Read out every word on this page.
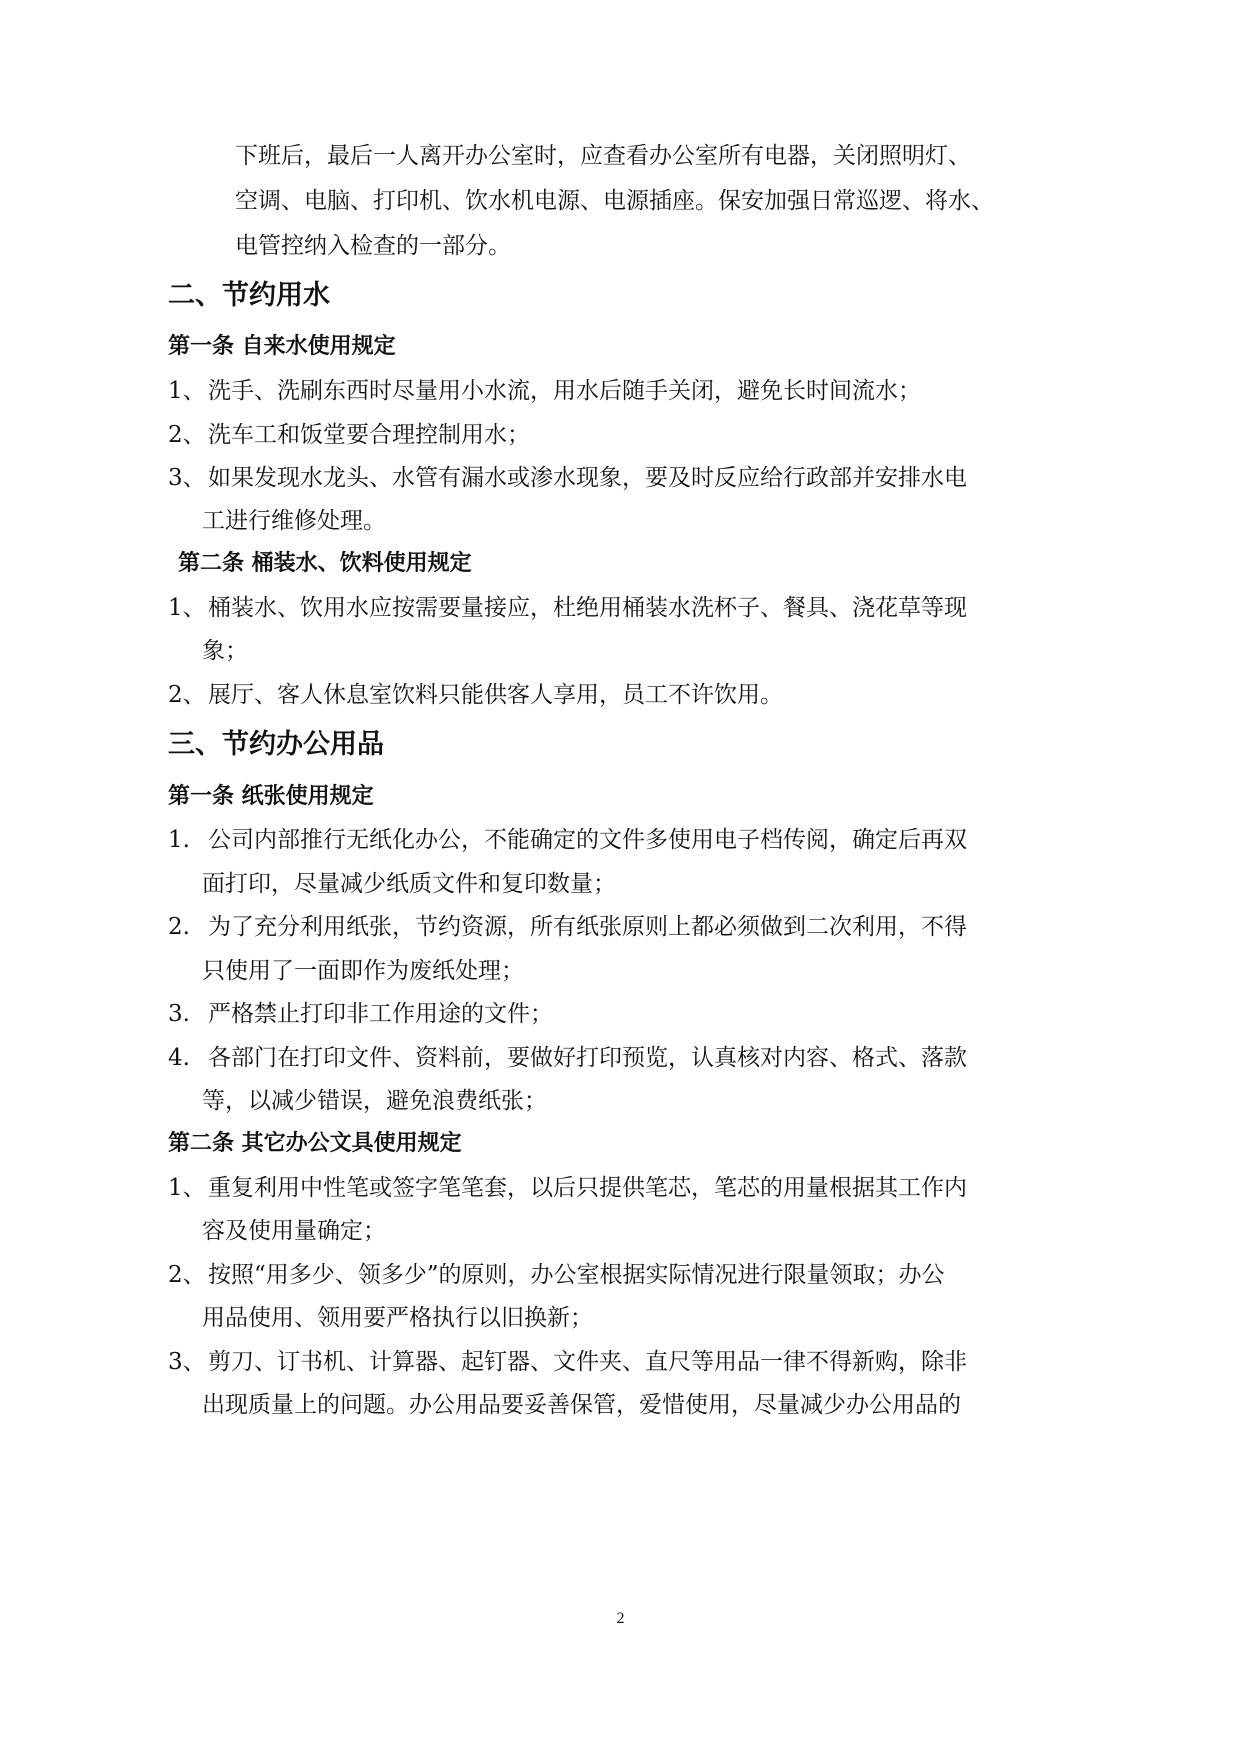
下班后，最后一人离开办公室时，应查看办公室所有电器，关闭照明灯、
空调、电脑、打印机、饮水机电源、电源插座。保安加强日常巡逻、将水、
电管控纳入检查的一部分。
二、节约用水
第一条 自来水使用规定
1、 洗手、洗刷东西时尽量用小水流，用水后随手关闭，避免长时间流水；
2、 洗车工和饭堂要合理控制用水；
3、 如果发现水龙头、水管有漏水或渗水现象，要及时反应给行政部并安排水电
工进行维修处理。
第二条 桶装水、饮料使用规定
1、 桶装水、饮用水应按需要量接应，杜绝用桶装水洗杯子、餐具、浇花草等现
象；
2、 展厅、客人休息室饮料只能供客人享用，员工不许饮用。
三、节约办公用品
第一条 纸张使用规定
1. 公司内部推行无纸化办公，不能确定的文件多使用电子档传阅，确定后再双
面打印，尽量减少纸质文件和复印数量；
2. 为了充分利用纸张，节约资源，所有纸张原则上都必须做到二次利用，不得
只使用了一面即作为废纸处理；
3. 严格禁止打印非工作用途的文件；
4. 各部门在打印文件、资料前，要做好打印预览，认真核对内容、格式、落款
等，以减少错误，避免浪费纸张；
第二条 其它办公文具使用规定
1、 重复利用中性笔或签字笔笔套，以后只提供笔芯，笔芯的用量根据其工作内
容及使用量确定；
2、 按照“用多少、领多少”的原则，办公室根据实际情况进行限量领取；办公
用品使用、领用要严格执行以旧换新；
3、 剪刀、订书机、计算器、起钉器、文件夹、直尺等用品一律不得新购，除非
出现质量上的问题。办公用品要妥善保管，爱惜使用，尽量减少办公用品的
2
